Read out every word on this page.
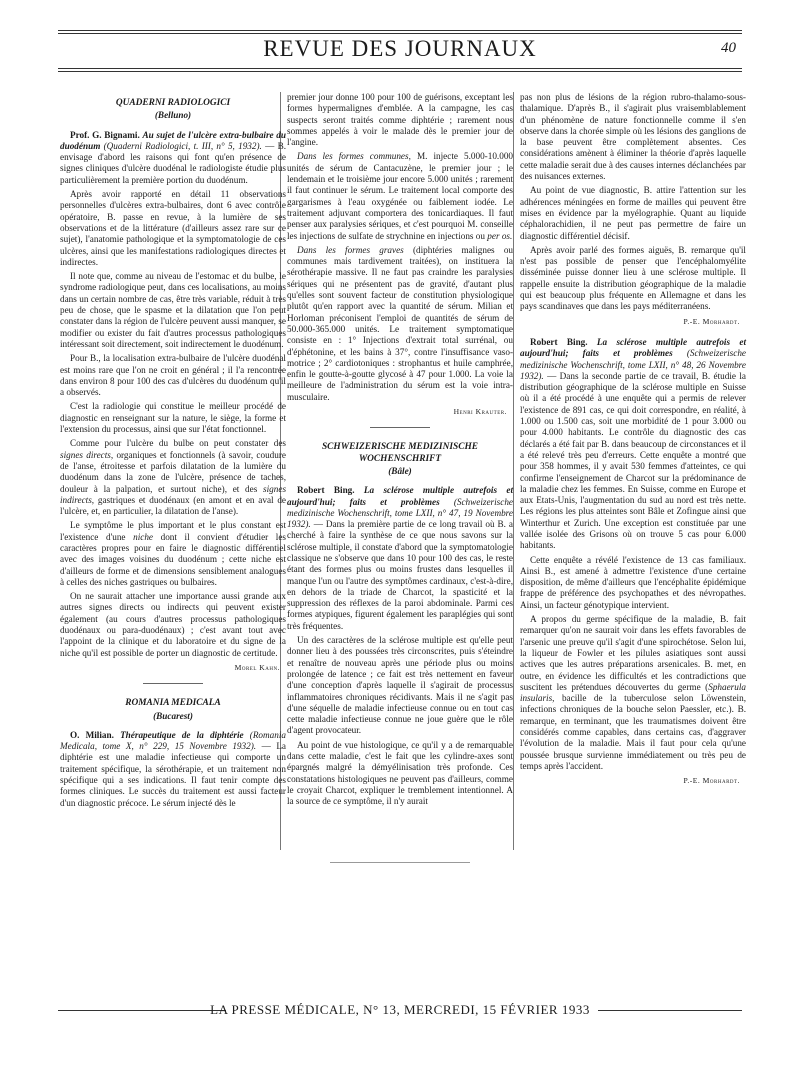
REVUE DES JOURNAUX	40
QUADERNI RADIOLOGICI
(Belluno)

Prof. G. Bignami. Au sujet de l'ulcère extra-bulbaire du duodénum (Quaderni Radiologici, t. III, n° 5, 1932). — B. envisage d'abord les raisons qui font qu'en présence de signes cliniques d'ulcère duodénal le radiologiste étudie plus particulièrement la première portion du duodénum.

Après avoir rapporté en détail 11 observations personnelles d'ulcères extra-bulbaires, dont 6 avec contrôle opératoire, B. passe en revue, à la lumière de ses observations et de la littérature (d'ailleurs assez rare sur ce sujet), l'anatomie pathologique et la symptomatologie de ces ulcères, ainsi que les manifestations radiologiques directes et indirectes.

Il note que, comme au niveau de l'estomac et du bulbe, le syndrome radiologique peut, dans ces localisations, au moins dans un certain nombre de cas, être très variable, réduit à très peu de chose, que le spasme et la dilatation que l'on peut constater dans la région de l'ulcère peuvent aussi manquer, se modifier ou exister du fait d'autres processus pathologiques intéressant soit directement, soit indirectement le duodénum.

Pour B., la localisation extra-bulbaire de l'ulcère duodénal est moins rare que l'on ne croit en général ; il l'a rencontrée dans environ 8 pour 100 des cas d'ulcères du duodénum qu'il a observés.

C'est la radiologie qui constitue le meilleur procédé de diagnostic en renseignant sur la nature, le siège, la forme et l'extension du processus, ainsi que sur l'état fonctionnel.

Comme pour l'ulcère du bulbe on peut constater des signes directs, organiques et fonctionnels (à savoir, coudure de l'anse, étroitesse et parfois dilatation de la lumière du duodénum dans la zone de l'ulcère, présence de taches, douleur à la palpation, et surtout niche), et des signes indirects, gastriques et duodénaux (en amont et en aval de l'ulcère, et, en particulier, la dilatation de l'anse).

Le symptôme le plus important et le plus constant est l'existence d'une niche dont il convient d'étudier les caractères propres pour en faire le diagnostic différentiel avec des images voisines du duodénum ; cette niche est d'ailleurs de forme et de dimensions sensiblement analogues à celles des niches gastriques ou bulbaires.

On ne saurait attacher une importance aussi grande aux autres signes directs ou indirects qui peuvent exister également (au cours d'autres processus pathologiques duodénaux ou para-duodénaux) ; c'est avant tout avec l'appoint de la clinique et du laboratoire et du signe de la niche qu'il est possible de porter un diagnostic de certitude.

Morel Kahn.
ROMANIA MEDICALA
(Bucarest)

O. Milian. Thérapeutique de la diphtérie (Romania Medicala, tome X, n° 229, 15 Novembre 1932). — La diphtérie est une maladie infectieuse qui comporte un traitement spécifique, la sérothérapie, et un traitement non spécifique qui a ses indications. Il faut tenir compte des formes cliniques. Le succès du traitement est aussi facteur d'un diagnostic précoce. Le sérum injecté dès le

premier jour donne 100 pour 100 de guérisons, exceptant les formes hypermalignes d'emblée. A la campagne, les cas suspects seront traités comme diphtérie ; rarement nous sommes appelés à voir le malade dès le premier jour de l'angine.

Dans les formes communes, M. injecte 5.000-10.000 unités de sérum de Cantacuzène, le premier jour ; le lendemain et le troisième jour encore 5.000 unités ; rarement il faut continuer le sérum. Le traitement local comporte des gargarismes à l'eau oxygénée ou faiblement iodée. Le traitement adjuvant comportera des tonicardiaques. Il faut penser aux paralysies sériques, et c'est pourquoi M. conseille les injections de sulfate de strychnine en injections ou per os.

Dans les formes graves (diphtéries malignes ou communes mais tardivement traitées), on instituera la sérothérapie massive. Il ne faut pas craindre les paralysies sériques qui ne présentent pas de gravité, d'autant plus qu'elles sont souvent facteur de constitution physiologique plutôt qu'en rapport avec la quantité de sérum. Milian et Horloman préconisent l'emploi de quantités de sérum de 50.000-365.000 unités. Le traitement symptomatique consiste en : 1° Injections d'extrait total surrénal, ou d'éphétonine, et les bains à 37°, contre l'insuffisance vaso-motrice ; 2° cardiotoniques : strophantus et huile camphrée, enfin le goutte-à-goutte glycosé à 47 pour 1.000. La voie la meilleure de l'administration du sérum est la voie intra-musculaire.

Henri Krauter.
SCHWEIZERISCHE MEDIZINISCHE WOCHENSCHRIFT
(Bâle)

Robert Bing. La sclérose multiple autrefois et aujourd'hui; faits et problèmes (Schweizerische medizinische Wochenschrift, tome LXII, n° 47, 19 Novembre 1932). — Dans la première partie de ce long travail où B. a cherché à faire la synthèse de ce que nous savons sur la sclérose multiple, il constate d'abord que la symptomatologie classique ne s'observe que dans 10 pour 100 des cas, le reste étant des formes plus ou moins frustes dans lesquelles il manque l'un ou l'autre des symptômes cardinaux, c'est-à-dire, en dehors de la triade de Charcot, la spasticité et la suppression des réflexes de la paroi abdominale. Parmi ces formes atypiques, figurent également les paraplégies qui sont très fréquentes.

Un des caractères de la sclérose multiple est qu'elle peut donner lieu à des poussées très circonscrites, puis s'éteindre et renaître de nouveau après une période plus ou moins prolongée de latence ; ce fait est très nettement en faveur d'une conception d'après laquelle il s'agirait de processus inflammatoires chroniques récidivants. Mais il ne s'agit pas d'une séquelle de maladie infectieuse connue ou en tout cas cette maladie infectieuse connue ne joue guère que le rôle d'agent provocateur.

Au point de vue histologique, ce qu'il y a de remarquable dans cette maladie, c'est le fait que les cylindre-axes sont épargnés malgré la démyélinisation très profonde. Ces constatations histologiques ne peuvent pas d'ailleurs, comme le croyait Charcot, expliquer le tremblement intentionnel. A la source de ce symptôme, il n'y aurait

pas non plus de lésions de la région rubro-thalamo-sous-thalamique. D'après B., il s'agirait plus vraisemblablement d'un phénomène de nature fonctionnelle comme il s'en observe dans la chorée simple où les lésions des ganglions de la base peuvent être complètement absentes. Ces considérations amènent à éliminer la théorie d'après laquelle cette maladie serait due à des causes internes déclanchées par des nuisances externes.

Au point de vue diagnostic, B. attire l'attention sur les adhérences méningées en forme de mailles qui peuvent être mises en évidence par la myélographie. Quant au liquide céphalorachidien, il ne peut pas permettre de faire un diagnostic différentiel décisif.

Après avoir parlé des formes aiguës, B. remarque qu'il n'est pas possible de penser que l'encéphalomyélite disséminée puisse donner lieu à une sclérose multiple. Il rappelle ensuite la distribution géographique de la maladie qui est beaucoup plus fréquente en Allemagne et dans les pays scandinaves que dans les pays méditerranéens.

P.-E. Morhardt.

Robert Bing. La sclérose multiple autrefois et aujourd'hui; faits et problèmes (Schweizerische medizinische Wochenschrift, tome LXII, n° 48, 26 Novembre 1932). — Dans la seconde partie de ce travail, B. étudie la distribution géographique de la sclérose multiple en Suisse où il a été procédé à une enquête qui a permis de relever l'existence de 891 cas, ce qui doit correspondre, en réalité, à 1.000 ou 1.500 cas, soit une morbidité de 1 pour 3.000 ou pour 4.000 habitants. Le contrôle du diagnostic des cas déclarés a été fait par B. dans beaucoup de circonstances et il a été relevé très peu d'erreurs. Cette enquête a montré que pour 358 hommes, il y avait 530 femmes d'atteintes, ce qui confirme l'enseignement de Charcot sur la prédominance de la maladie chez les femmes. En Suisse, comme en Europe et aux Etats-Unis, l'augmentation du sud au nord est très nette. Les régions les plus atteintes sont Bâle et Zofingue ainsi que Winterthur et Zurich. Une exception est constituée par une vallée isolée des Grisons où on trouve 5 cas pour 6.000 habitants.

Cette enquête a révélé l'existence de 13 cas familiaux. Ainsi B., est amené à admettre l'existence d'une certaine disposition, de même d'ailleurs que l'encéphalite épidémique frappe de préférence des psychopathes et des névropathes. Ainsi, un facteur génotypique intervient.

A propos du germe spécifique de la maladie, B. fait remarquer qu'on ne saurait voir dans les effets favorables de l'arsenic une preuve qu'il s'agit d'une spirochétose. Selon lui, la liqueur de Fowler et les pilules asiatiques sont aussi actives que les autres préparations arsenicales. B. met, en outre, en évidence les difficultés et les contradictions que suscitent les prétendues découvertes du germe (Sphaerula insularis, bacille de la tuberculose selon Löwenstein, infections chroniques de la bouche selon Paessler, etc.). B. remarque, en terminant, que les traumatismes doivent être considérés comme capables, dans certains cas, d'aggraver l'évolution de la maladie. Mais il faut pour cela qu'une poussée brusque survienne immédiatement ou très peu de temps après l'accident.

P.-E. Morhardt.
LA PRESSE MÉDICALE, N° 13, MERCREDI, 15 FÉVRIER 1933
